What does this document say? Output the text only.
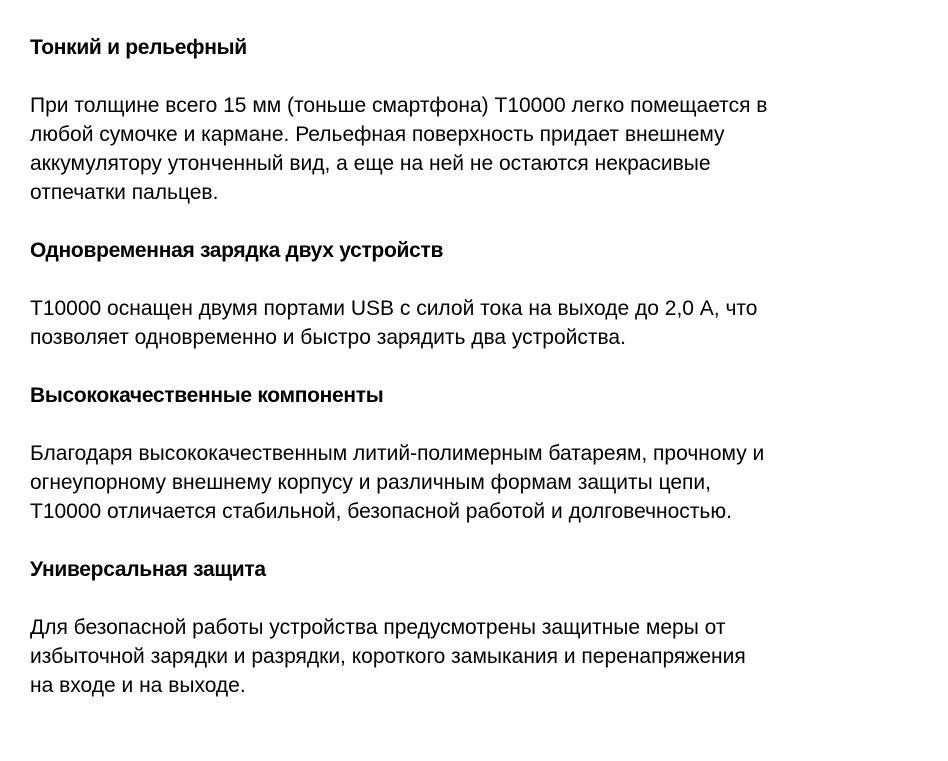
Тонкий и рельефный

При толщине всего 15 мм (тоньше смартфона) T10000 легко помещается в
любой сумочке и кармане. Рельефная поверхность придает внешнему
аккумулятору утонченный вид, а еще на ней не остаются некрасивые
отпечатки пальцев.

Одновременная зарядка двух устройств

T10000 оснащен двумя портами USB с силой тока на выходе до 2,0 А, что
позволяет одновременно и быстро зарядить два устройства.

Высококачественные компоненты

Благодаря высококачественным литий-полимерным батареям, прочному и
огнеупорному внешнему корпусу и различным формам защиты цепи,
T10000 отличается стабильной, безопасной работой и долговечностью.

Универсальная защита

Для безопасной работы устройства предусмотрены защитные меры от
избыточной зарядки и разрядки, короткого замыкания и перенапряжения
на входе и на выходе.
